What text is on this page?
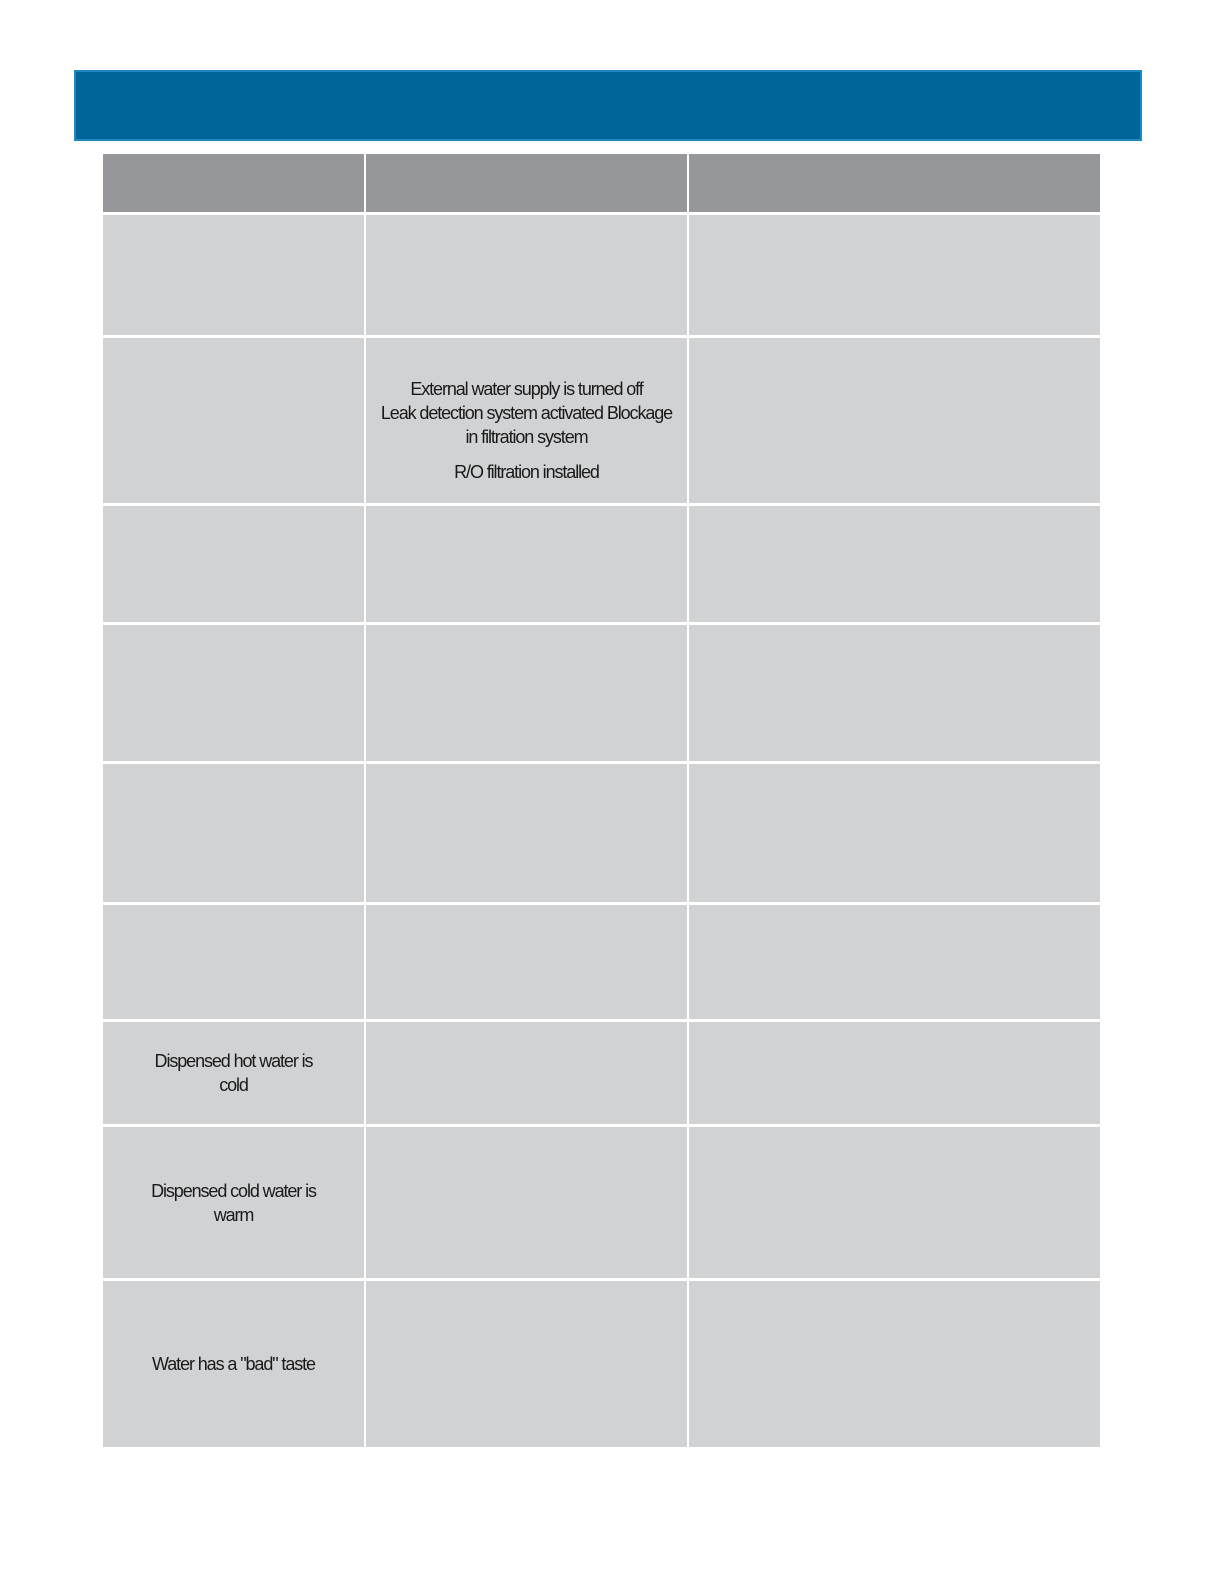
External water supply is turned off
Leak detection system activated Blockage in filtration system
R/O filtration installed
Dispensed hot water is cold
Dispensed cold water is warm
Water has a "bad" taste
